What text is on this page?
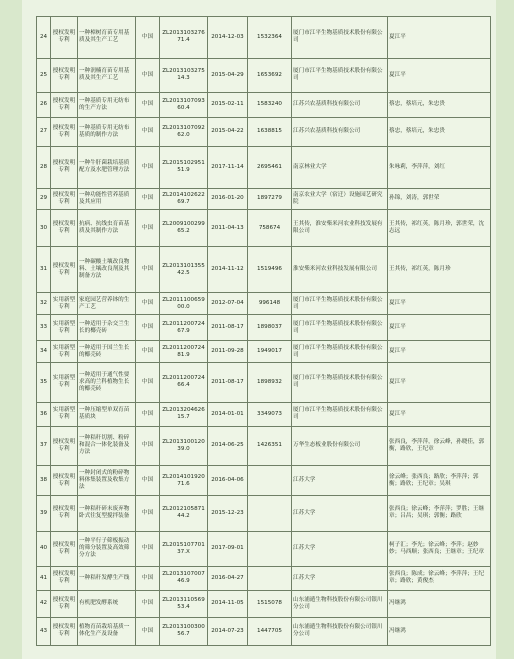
24	授权发明专利	一种樟树育苗专用基质及其生产工艺	中国	ZL201310327671.4	2014-12-03	1532364	厦门市江平生物基质技术股份有限公司	夏江平
25	授权发明专利	一种润楠育苗专用基质及其生产工艺	中国	ZL201310327514.3	2015-04-29	1653692	厦门市江平生物基质技术股份有限公司	夏江平
26	授权发明专利	一种基质专用无纺布的生产方法	中国	ZL201310709360.4	2015-02-11	1583240	江苏兴农基质科技有限公司	蔡忠，蔡培元，朱忠贵
27	授权发明专利	一种基质专用无纺布基质的制作方法	中国	ZL201310709262.0	2015-04-22	1638815	江苏兴农基质科技有限公司	蔡忠，蔡培元，朱忠贵
28	授权发明专利	一种牛肝菌栽培基质配方及水肥管理方法	中国	ZL201510295151.9	2017-11-14	2695461	南京林业大学	朱咏莉，李萍萍，刘红
29	授权发明专利	一种功能性营养基质及其应用	中国	ZL201410262269.7	2016-01-20	1897279	南京农业大学（宿迁）设施园艺研究院	孙锦，刘涛，郭世荣
30	授权发明专利	抗病、抗线虫育苗基质及其制作方法	中国	ZL200910029965.2	2011-04-13	758674	王其传，淮安柴米河农业科技发展有限公司	王其传，祁红英，陈月珍，郭世荣，沈志远
31	授权发明专利	一种碳酸土壤改良物料、土壤改良剂及其制备方法	中国	ZL201310135542.5	2014-11-12	1519496	淮安柴米河农业科技发展有限公司	王其传，祁红英，陈月珍
32	实用新型专利	家庭园艺营养钵的生产工艺	中国	ZL201110065900.0	2012-07-04	996148	厦门市江平生物基质技术股份有限公司	夏江平
33	实用新型专利	一种适用于杂交兰生长的椰壳砖	中国	ZL201120072467.9	2011-08-17	1898037	厦门市江平生物基质技术股份有限公司	夏江平
34	实用新型专利	一种适用于国兰生长的椰壳砖	中国	ZL201120072481.9	2011-09-28	1949017	厦门市江平生物基质技术股份有限公司	夏江平
35	实用新型专利	一种适用于通气性要求高的兰科植物生长的椰壳砖	中国	ZL201120072466.4	2011-08-17	1898932	厦门市江平生物基质技术股份有限公司	夏江平
36	实用新型专利	一种压缩型单双育苗基质块	中国	ZL201320462615.7	2014-01-01	3349073	厦门市江平生物基质技术股份有限公司	夏江平
37	授权发明专利	一种秸秆切割、粉碎和混合一体化装备及方法	中国	ZL201310012039.0	2014-06-25	1426351	万华生态板业股份有限公司	张西良，李萍萍，徐云峰，孙晓佳，郭衡，路欣，王纪章
38	授权发明专利	一种封闭式的粉碎物料体集装置及收集方法	中国	ZL201410192071.6	2016-04-06		江苏大学	徐云峰；张西良；路欣；李萍萍；郭衡；路欣；王纪章；吴琪
39	授权发明专利	一种秸秆碎末废弃物卧式往复型搅拌装备	中国	ZL201210587144.2	2015-12-23		江苏大学	张西良；徐云峰；李萍萍；罗胜；王继章；吕昌；吴琪；郭衡；路欣
40	授权发明专利	一种平行子筛板振动的筛分装置及高效筛分方法	中国	ZL201510770137.X	2017-09-01		江苏大学	柯子汇；李光；徐云峰；李萍；赵妙妙；马西顺；张西良；王继章；王纪章
41	授权发明专利	一种秸秆发酵生产线	中国	ZL201310700746.9	2016-04-27		江苏大学	张西良；陈成；徐云峰；李萍萍；王纪章；路欣；黄俊杰
42	授权发明专利	有机肥发酵系统	中国	ZL201311056953.4	2014-11-05	1515078	山东浦遁生物科技股份有限公司银川分公司	冯继鸿
43	授权发明专利	植物育苗栽培基质一体化生产及设备	中国	ZL201310030056.7	2014-07-23	1447705	山东浦遁生物科技股份有限公司银川分公司	冯继鸿
